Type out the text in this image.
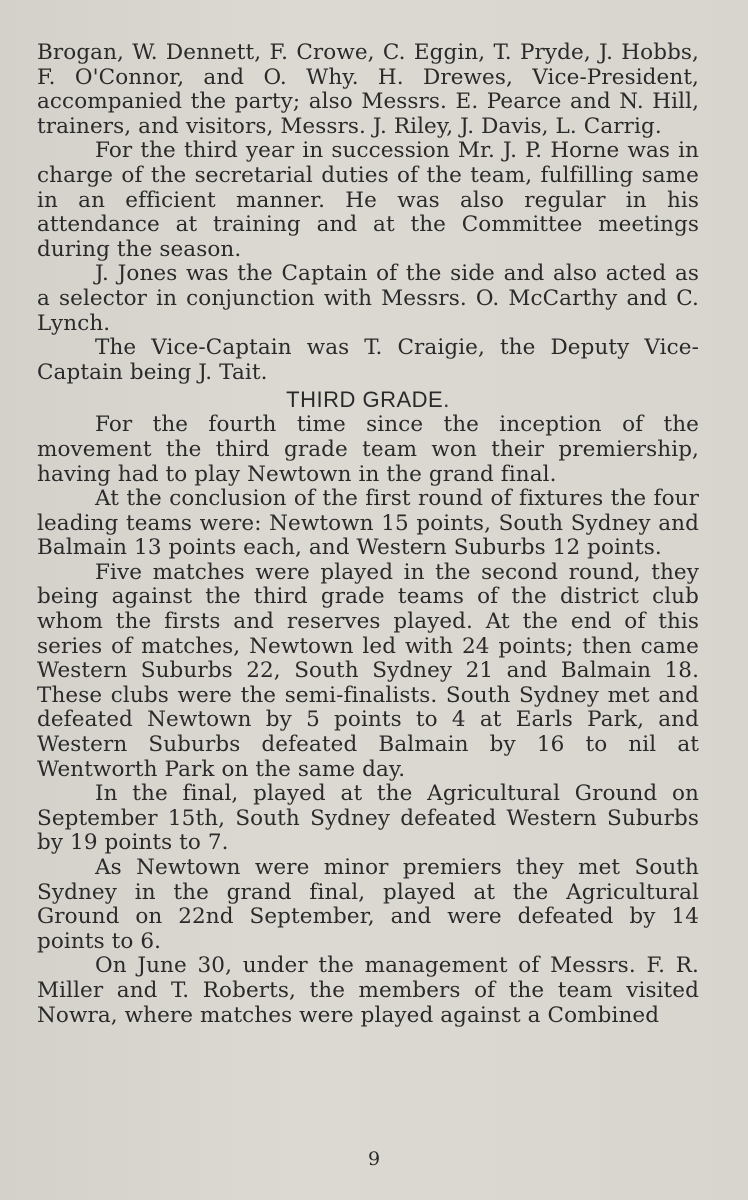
Brogan, W. Dennett, F. Crowe, C. Eggin, T. Pryde, J. Hobbs, F. O'Connor, and O. Why. H. Drewes, Vice-President, accompanied the party; also Messrs. E. Pearce and N. Hill, trainers, and visitors, Messrs. J. Riley, J. Davis, L. Carrig.

For the third year in succession Mr. J. P. Horne was in charge of the secretarial duties of the team, fulfilling same in an efficient manner. He was also regular in his attendance at training and at the Committee meetings during the season.

J. Jones was the Captain of the side and also acted as a selector in conjunction with Messrs. O. McCarthy and C. Lynch.

The Vice-Captain was T. Craigie, the Deputy Vice-Captain being J. Tait.

THIRD GRADE.

For the fourth time since the inception of the movement the third grade team won their premiership, having had to play Newtown in the grand final.

At the conclusion of the first round of fixtures the four leading teams were: Newtown 15 points, South Sydney and Balmain 13 points each, and Western Suburbs 12 points.

Five matches were played in the second round, they being against the third grade teams of the district club whom the firsts and reserves played. At the end of this series of matches, Newtown led with 24 points; then came Western Suburbs 22, South Sydney 21 and Balmain 18. These clubs were the semi-finalists. South Sydney met and defeated Newtown by 5 points to 4 at Earls Park, and Western Suburbs defeated Balmain by 16 to nil at Wentworth Park on the same day.

In the final, played at the Agricultural Ground on September 15th, South Sydney defeated Western Suburbs by 19 points to 7.

As Newtown were minor premiers they met South Sydney in the grand final, played at the Agricultural Ground on 22nd September, and were defeated by 14 points to 6.

On June 30, under the management of Messrs. F. R. Miller and T. Roberts, the members of the team visited Nowra, where matches were played against a Combined

9
